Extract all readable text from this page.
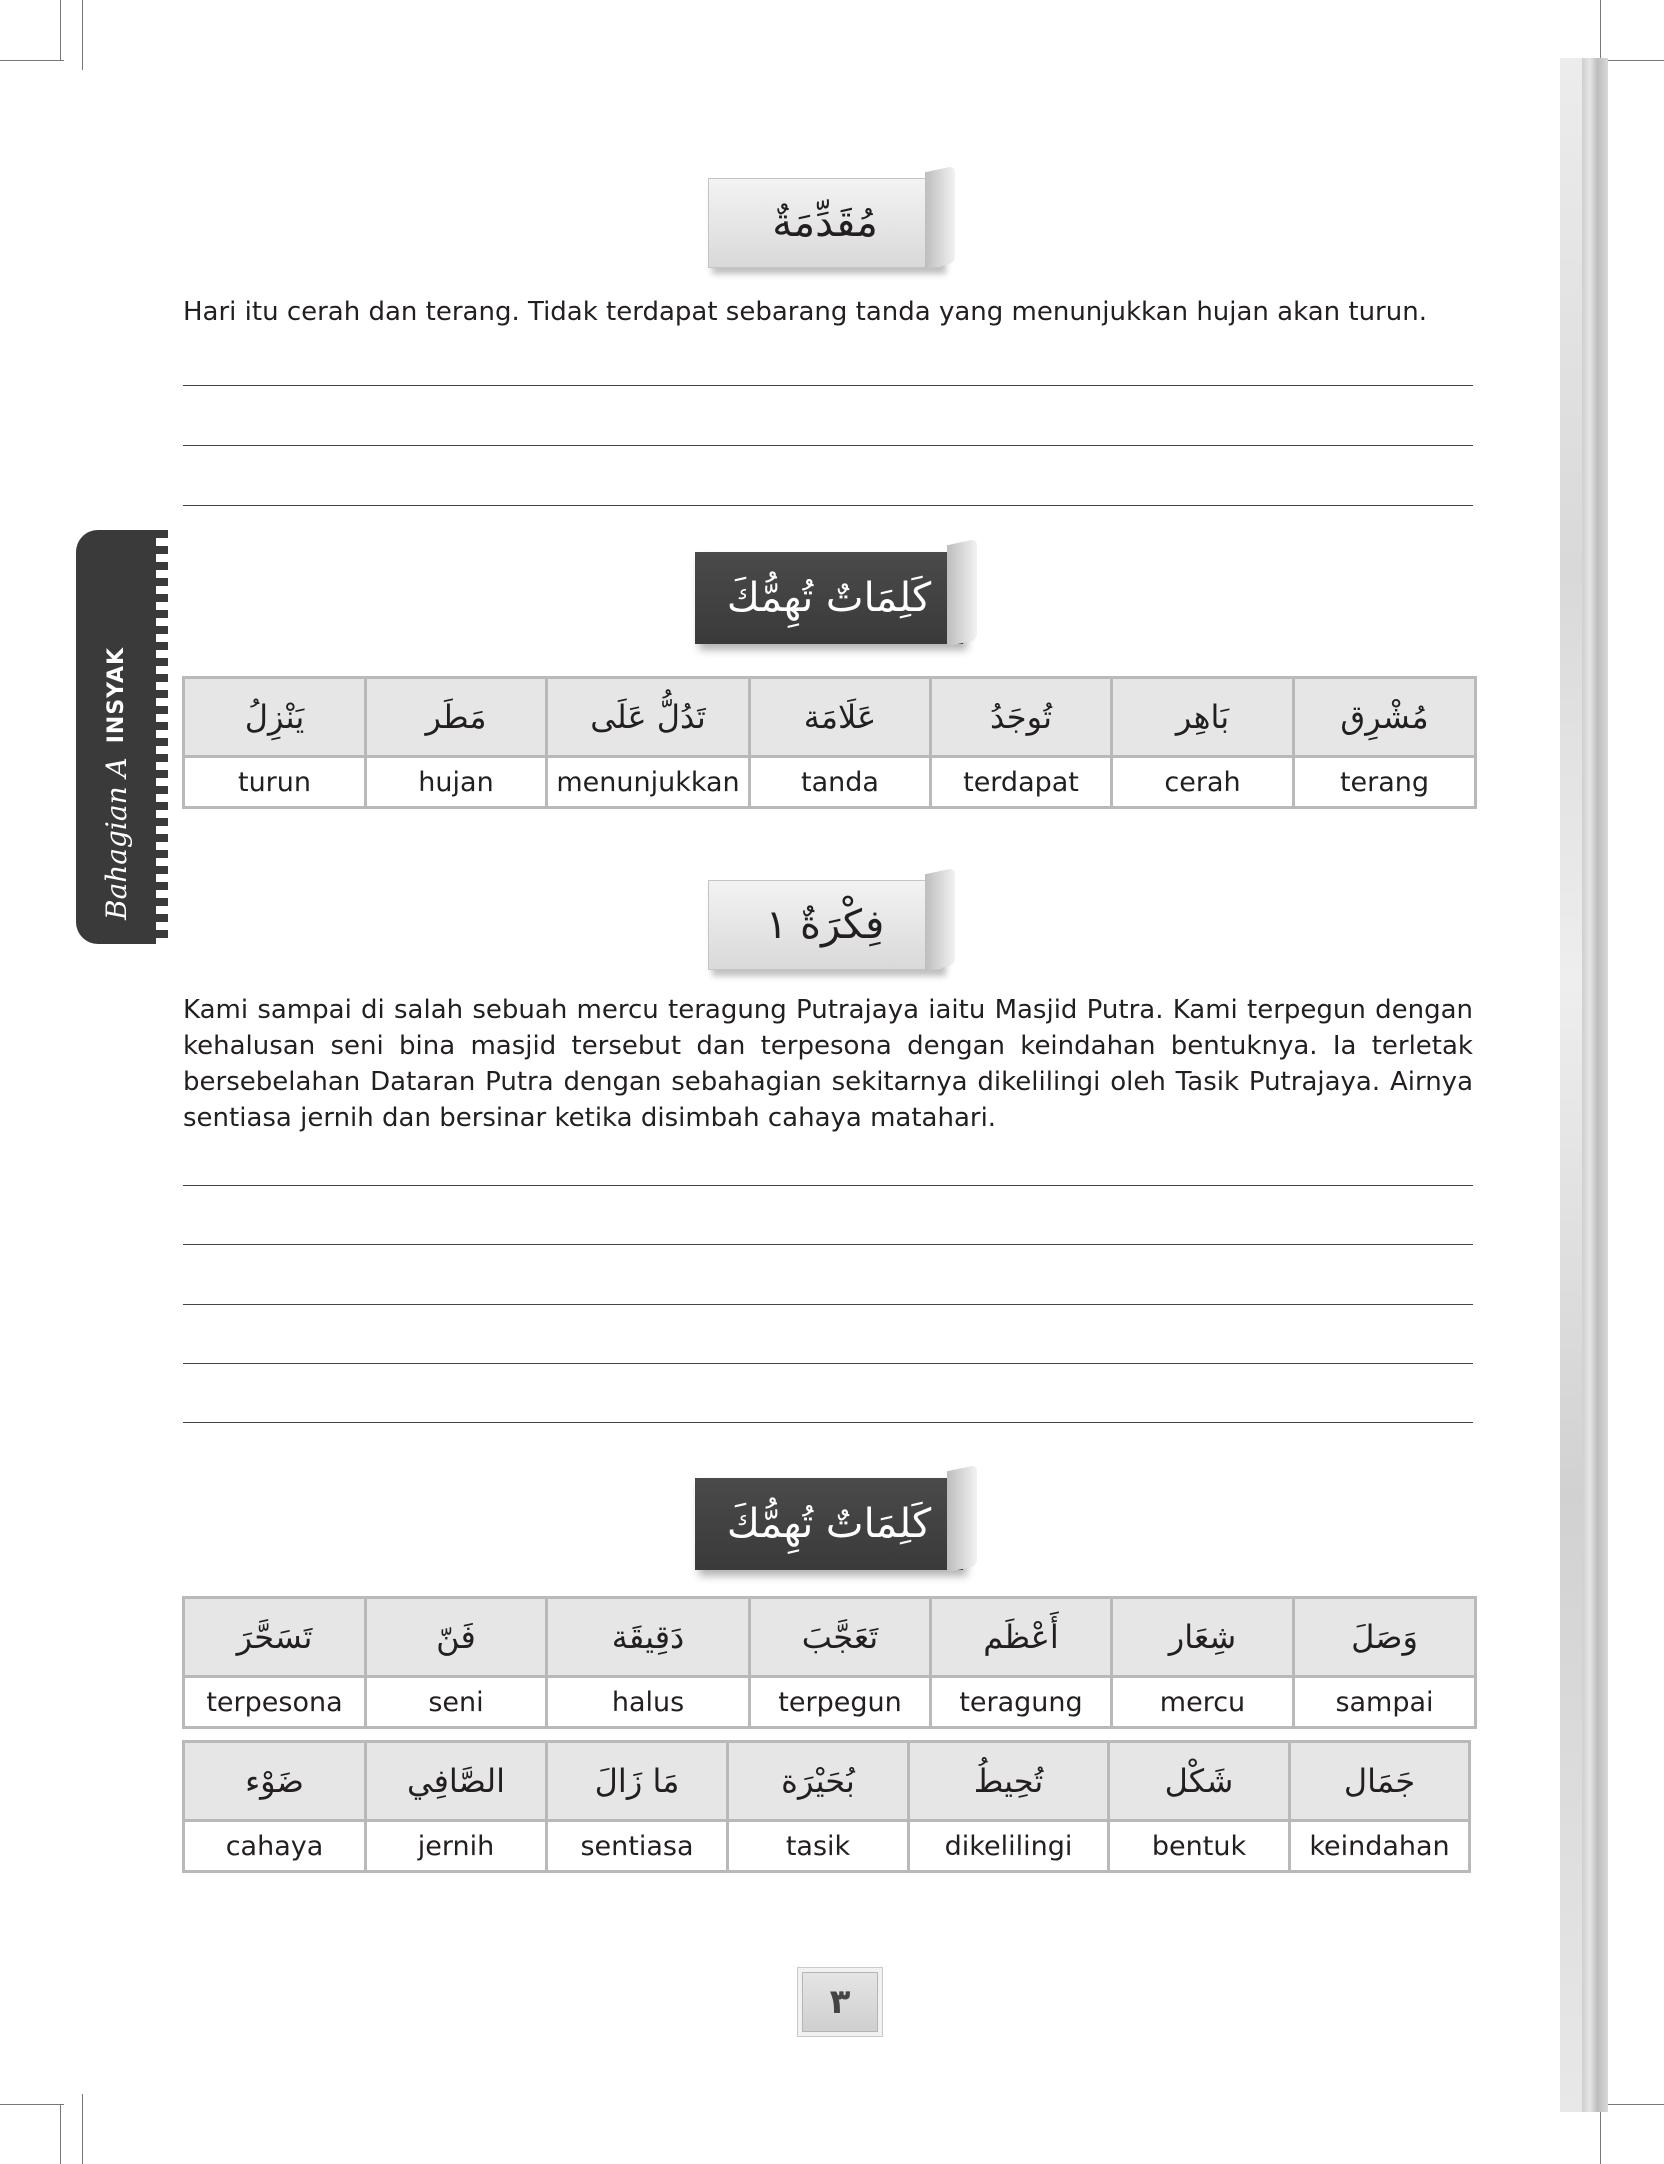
Bahagian A
INSYAK
مُقَدِّمَةٌ
Hari itu cerah dan terang. Tidak terdapat sebarang tanda yang menunjukkan hujan akan turun.
كَلِمَاتٌ تُهِمُّكَ
يَنْزِلُ	مَطَر	تَدُلُّ عَلَى	عَلَامَة	تُوجَدُ	بَاهِر	مُشْرِق
turun	hujan	menunjukkan	tanda	terdapat	cerah	terang
فِكْرَةٌ ١
Kami sampai di salah sebuah mercu teragung Putrajaya iaitu Masjid Putra. Kami terpegun dengan kehalusan seni bina masjid tersebut dan terpesona dengan keindahan bentuknya. Ia terletak bersebelahan Dataran Putra dengan sebahagian sekitarnya dikelilingi oleh Tasik Putrajaya. Airnya sentiasa jernih dan bersinar ketika disimbah cahaya matahari.
كَلِمَاتٌ تُهِمُّكَ
تَسَحَّرَ	فَنّ	دَقِيقَة	تَعَجَّبَ	أَعْظَم	شِعَار	وَصَلَ
terpesona	seni	halus	terpegun	teragung	mercu	sampai
ضَوْء	الصَّافِي	مَا زَالَ	بُحَيْرَة	تُحِيطُ	شَكْل	جَمَال
cahaya	jernih	sentiasa	tasik	dikelilingi	bentuk	keindahan
٣
